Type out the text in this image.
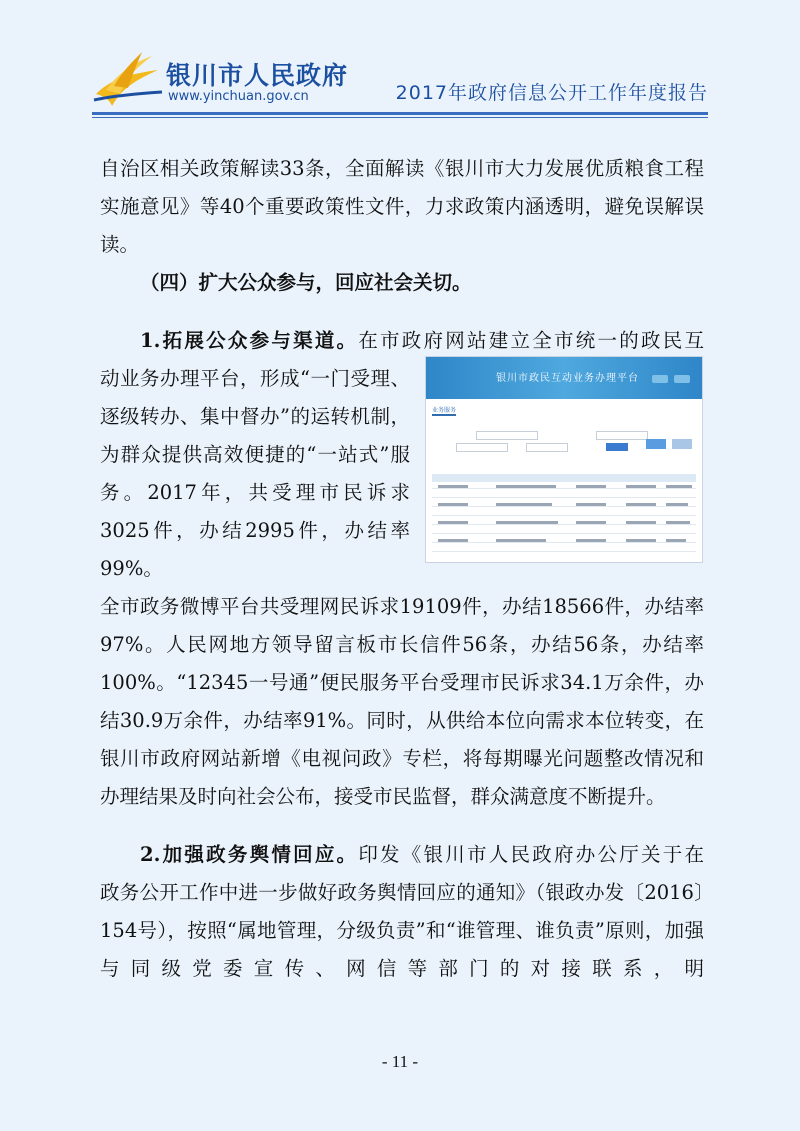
银川市人民政府
www.yinchuan.gov.cn	2017年政府信息公开工作年度报告

自治区相关政策解读33条，全面解读《银川市大力发展优质粮食工程实施意见》等40个重要政策性文件，力求政策内涵透明，避免误解误读。

（四）扩大公众参与，回应社会关切。

1.拓展公众参与渠道。在市政府网站建立全市统一的政民互

动业务办理平台，形成“一门受理、逐级转办、集中督办”的运转机制，为群众提供高效便捷的“一站式”服务。2017年，共受理市民诉求3025件，办结2995件，办结率99%。

银川市政民互动业务办理平台
业务服务

全市政务微博平台共受理网民诉求19109件，办结18566件，办结率97%。人民网地方领导留言板市长信件56条，办结56条，办结率100%。“12345一号通”便民服务平台受理市民诉求34.1万余件，办结30.9万余件，办结率91%。同时，从供给本位向需求本位转变，在银川市政府网站新增《电视问政》专栏，将每期曝光问题整改情况和办理结果及时向社会公布，接受市民监督，群众满意度不断提升。

2.加强政务舆情回应。印发《银川市人民政府办公厅关于在

政务公开工作中进一步做好政务舆情回应的通知》（银政办发〔2016〕154号），按照“属地管理，分级负责”和“谁管理、谁负责”原则，加强与同级党委宣传、网信等部门的对接联系，明

- 11 -
